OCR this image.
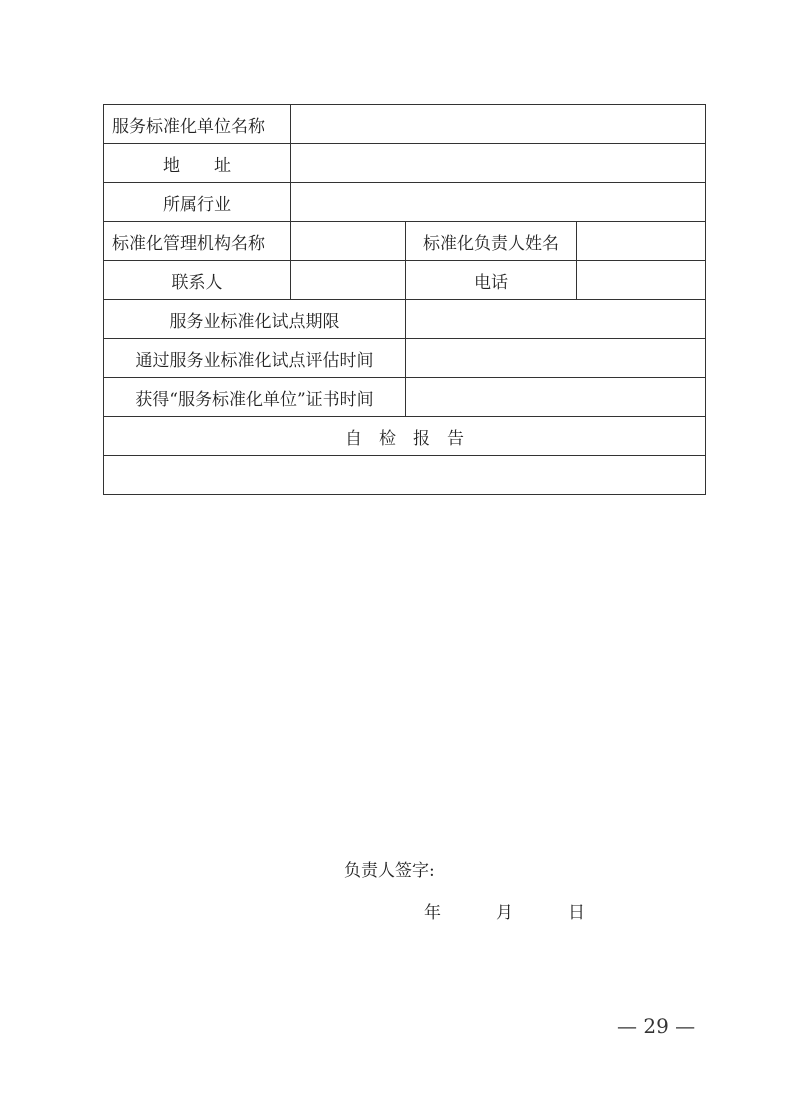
服务标准化单位名称			
地　　址			
所属行业			
标准化管理机构名称		标准化负责人姓名	
联系人		电话	
服务业标准化试点期限			
通过服务业标准化试点评估时间			
获得“服务标准化单位”证书时间			
自　检　报　告			

负责人签字:
年 月 日			
— 29 —
